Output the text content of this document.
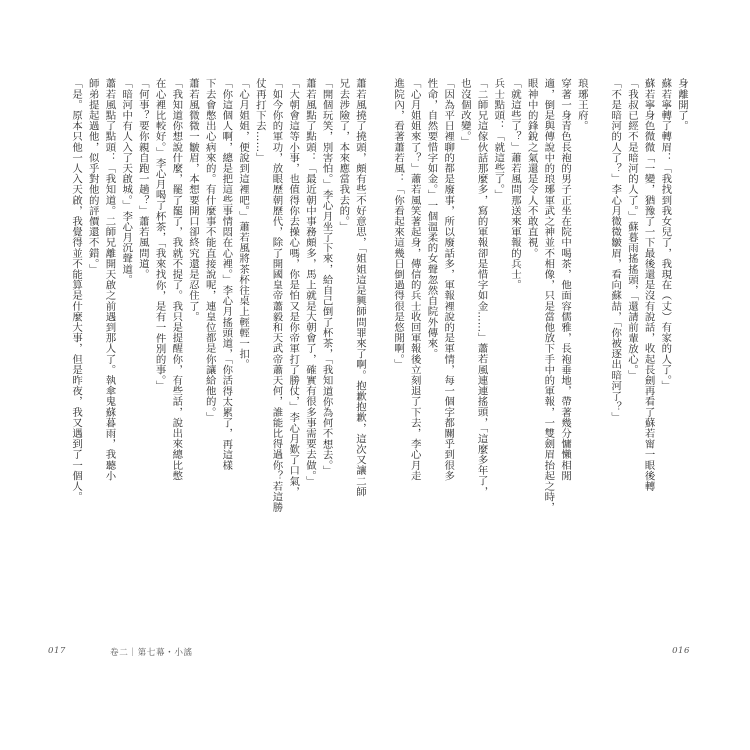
身離開了。

蘇若寧轉了轉眉：「我找到我女兒了，我現在（丈）有家的人了。」

蘇若寧身色微微「一變，猶豫了一下最後還是沒有說話，收起長劍再看了蘇若甯一眼後轉

「我叔已經不是暗河的人了。」蘇暮雨搖搖頭，「還請前輩放心。」

「不是暗河的人了？」李心月微微皺眉，看向蘇喆，「你被逐出暗河了？」

琅琊王府。

穿著一身青色長袍的男子正坐在院中喝茶，他面容儒雅，長袍垂地，帶著幾分慵懶相閒

適，倒是與傳說中的琅琊軍武之神並不相像，只是當他放下手中的軍報，一雙劍眉抬起之時，

眼神中的鋒銳之氣還是令人不敢直視。

「就這些了？」蕭若風問那送來軍報的兵士。

兵士點頭：「就這些了。」

「二師兄這傢伙話那麼多，寫的軍報卻是惜字如金……」蕭若風連連搖頭，「這麼多年了，

也沒個改變。」

「因為平日裡聊的都是廢事，所以廢話多，軍報裡說的是軍情，每一個字都關乎到很多

性命，自然要惜字如金。」一個溫柔的女聲忽然自院外傳來。

「心月姐姐來了？」蕭若風笑著起身，傳信的兵士收回軍報後立刻退了下去，李心月走

進院內，看著蕭若風：「你看起來這幾日倒過得很是悠閒啊。」

蕭若風撓了撓頭，頗有些不好意思，「姐姐這是興師問罪來了啊。抱歉抱歉，這次又讓二師

兄去涉險了，本來應當我去的。」

「開個玩笑，別害怕。」李心月坐了下來，給自己倒了杯茶，「我知道你為何不想去。」

蕭若風點了點頭：「最近朝中事務頗多，馬上就是大朝會了，確實有很多事需要去做。」

「大朝會這等小事，也值得你去操心嗎，你是怕又是你帝軍打了勝仗，」李心月歎了口氣，

「如今你的軍功，放眼歷朝歷代，除了開國皇帝蕭毅和天武帝蕭天何，誰能比得過你？若這勝

仗再打下去……」

「心月姐姐，便說到這裡吧。」蕭若風將茶杯往桌上輕輕一扣。

「你這個人啊，總是把這些事情悶在心裡。」李心月搖頭道，「你活得太累了，再這樣

下去會憋出心病來的。有什麼事不能直接說呢，連皇位都是你讓給他的。」

蕭若風微微一皺眉，本想要開口卻終究還是忍住了。

「我知道你想說什麼，罷了罷了，我就不提了。我只是提醒你，有些話，說出來總比憋

在心裡比較好。」李心月喝了杯茶，「我來找你，是有一件別的事。」

「何事？要你親自跑一趟？」蕭若風問道。

「暗河中有人入了天啟城。」李心月沉聲道。

蕭若風點了點頭：「我知道。二師兄離開天啟之前遇到那人了。執傘鬼蘇暮雨，我聽小

師弟提起過他，似乎對他的評價還不錯。」

「是。原本只他一人入天啟，我覺得並不能算是什麼大事，但是昨夜，我又遇到了一個人。

017	卷二｜第七幕・小謠	016
